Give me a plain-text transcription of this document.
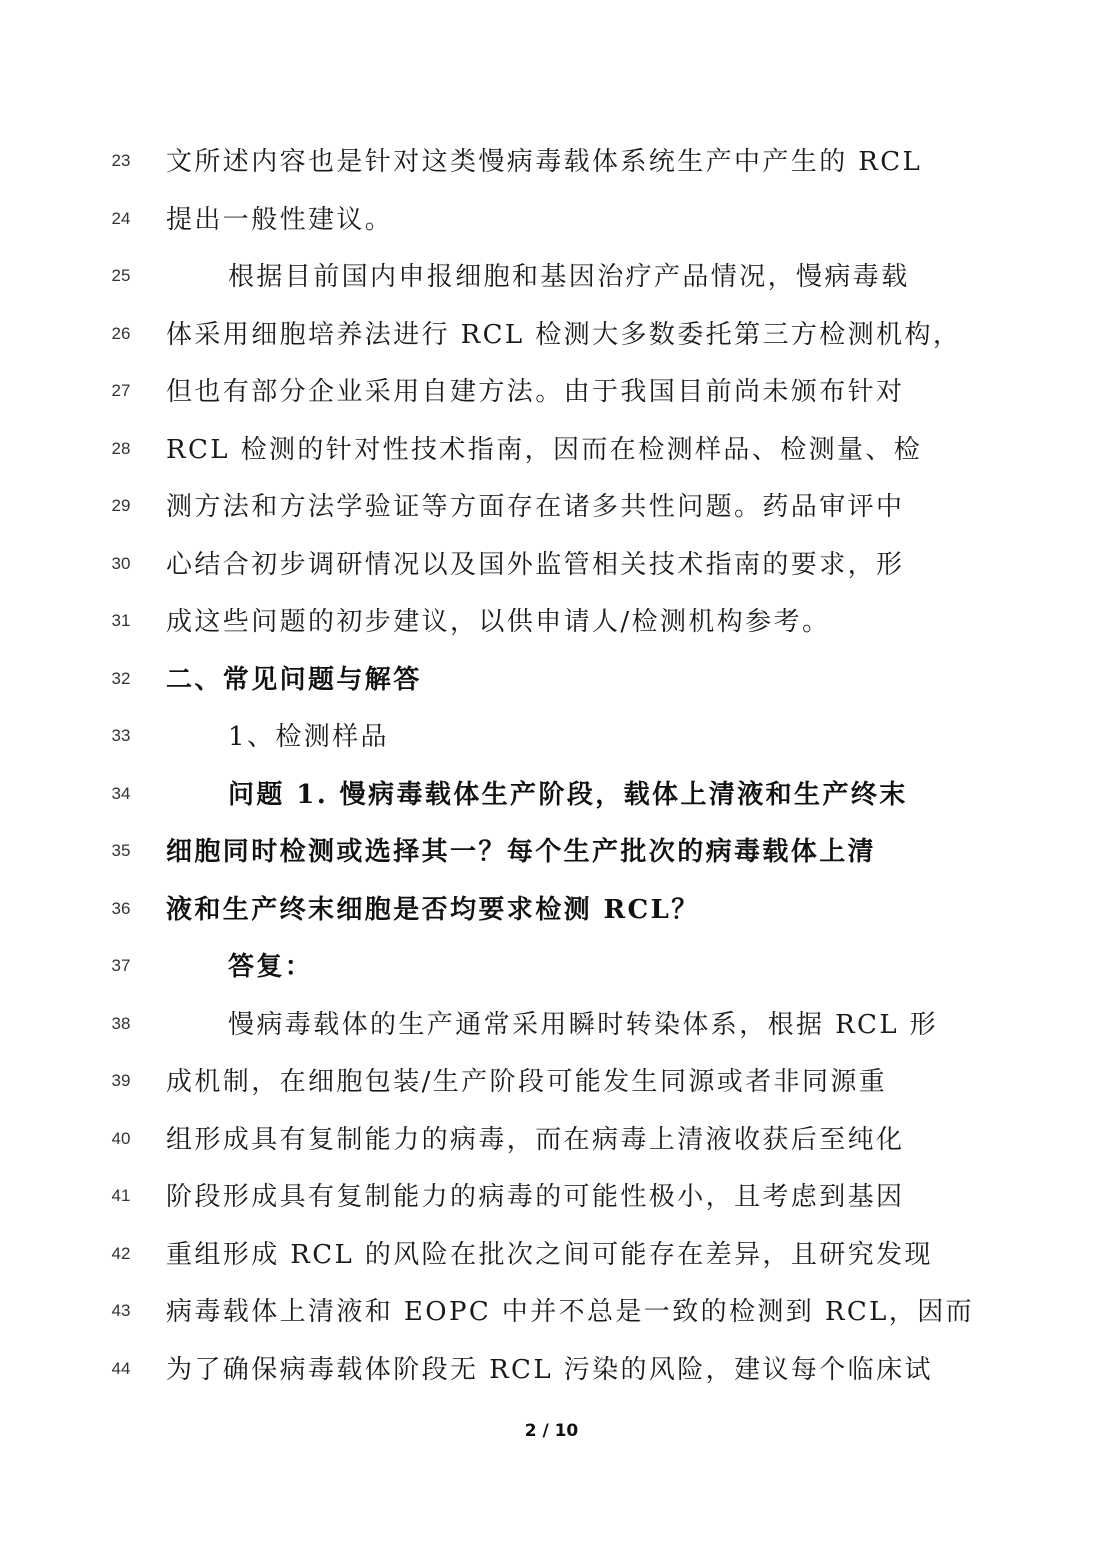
23	文所述内容也是针对这类慢病毒载体系统生产中产生的 RCL
24	提出一般性建议。
25	根据目前国内申报细胞和基因治疗产品情况，慢病毒载
26	体采用细胞培养法进行 RCL 检测大多数委托第三方检测机构，
27	但也有部分企业采用自建方法。由于我国目前尚未颁布针对
28	RCL 检测的针对性技术指南，因而在检测样品、检测量、检
29	测方法和方法学验证等方面存在诸多共性问题。药品审评中
30	心结合初步调研情况以及国外监管相关技术指南的要求，形
31	成这些问题的初步建议，以供申请人/检测机构参考。
32	二、常见问题与解答
33	1、检测样品
34	问题 1. 慢病毒载体生产阶段，载体上清液和生产终末
35	细胞同时检测或选择其一？每个生产批次的病毒载体上清
36	液和生产终末细胞是否均要求检测 RCL？
37	答复：
38	慢病毒载体的生产通常采用瞬时转染体系，根据 RCL 形
39	成机制，在细胞包装/生产阶段可能发生同源或者非同源重
40	组形成具有复制能力的病毒，而在病毒上清液收获后至纯化
41	阶段形成具有复制能力的病毒的可能性极小，且考虑到基因
42	重组形成 RCL 的风险在批次之间可能存在差异，且研究发现
43	病毒载体上清液和 EOPC 中并不总是一致的检测到 RCL，因而
44	为了确保病毒载体阶段无 RCL 污染的风险，建议每个临床试
2 / 10
